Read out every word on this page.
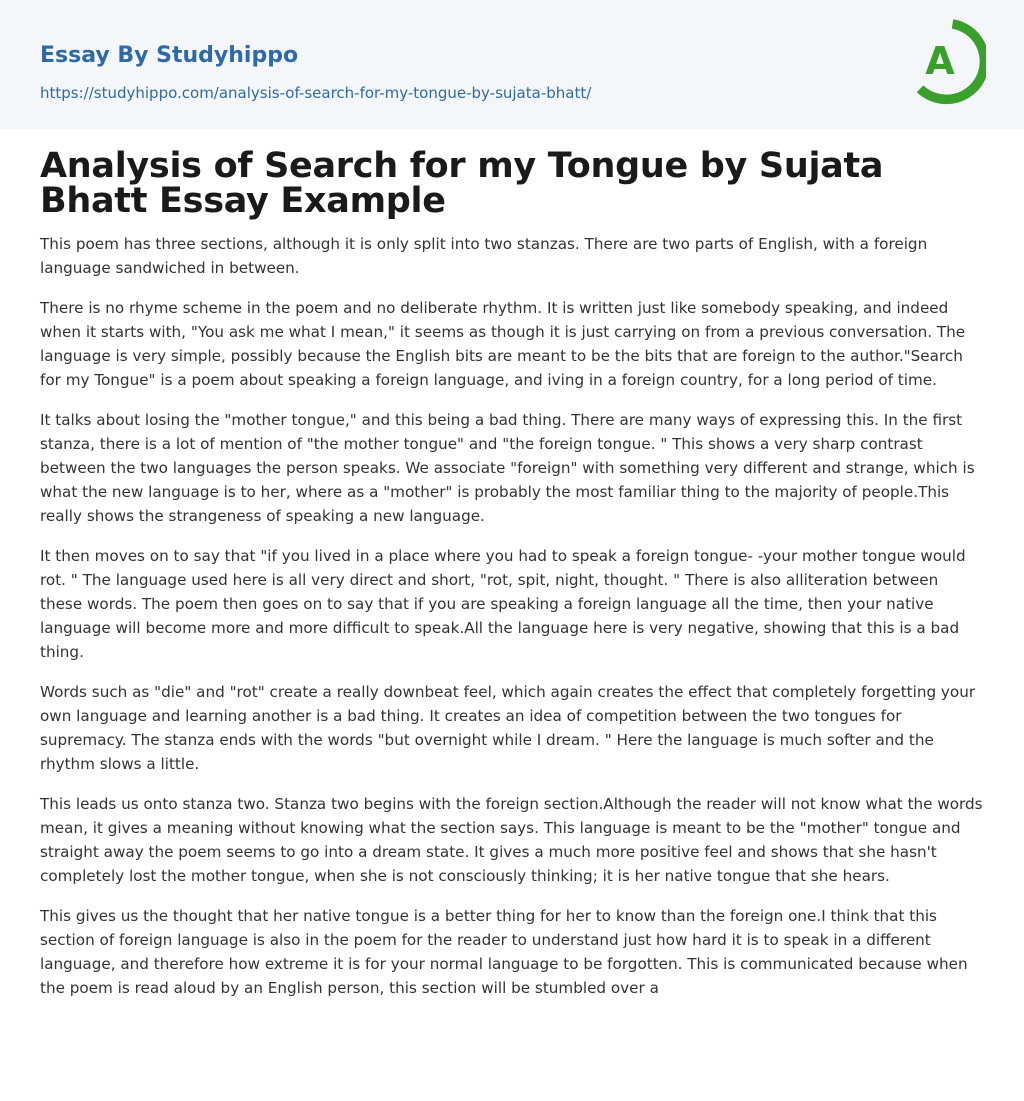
Essay By Studyhippo
https://studyhippo.com/analysis-of-search-for-my-tongue-by-sujata-bhatt/
A
Analysis of Search for my Tongue by Sujata Bhatt Essay Example

This poem has three sections, although it is only split into two stanzas. There are two parts of English, with a foreign language sandwiched in between.

There is no rhyme scheme in the poem and no deliberate rhythm. It is written just like somebody speaking, and indeed when it starts with, "You ask me what I mean," it seems as though it is just carrying on from a previous conversation. The language is very simple, possibly because the English bits are meant to be the bits that are foreign to the author."Search for my Tongue" is a poem about speaking a foreign language, and iving in a foreign country, for a long period of time.

It talks about losing the "mother tongue," and this being a bad thing. There are many ways of expressing this. In the first stanza, there is a lot of mention of "the mother tongue" and "the foreign tongue. " This shows a very sharp contrast between the two languages the person speaks. We associate "foreign" with something very different and strange, which is what the new language is to her, where as a "mother" is probably the most familiar thing to the majority of people.This really shows the strangeness of speaking a new language.

It then moves on to say that "if you lived in a place where you had to speak a foreign tongue- -your mother tongue would rot. " The language used here is all very direct and short, "rot, spit, night, thought. " There is also alliteration between these words. The poem then goes on to say that if you are speaking a foreign language all the time, then your native language will become more and more difficult to speak.All the language here is very negative, showing that this is a bad thing.

Words such as "die" and "rot" create a really downbeat feel, which again creates the effect that completely forgetting your own language and learning another is a bad thing. It creates an idea of competition between the two tongues for supremacy. The stanza ends with the words "but overnight while I dream. " Here the language is much softer and the rhythm slows a little.

This leads us onto stanza two. Stanza two begins with the foreign section.Although the reader will not know what the words mean, it gives a meaning without knowing what the section says. This language is meant to be the "mother" tongue and straight away the poem seems to go into a dream state. It gives a much more positive feel and shows that she hasn't completely lost the mother tongue, when she is not consciously thinking; it is her native tongue that she hears.

This gives us the thought that her native tongue is a better thing for her to know than the foreign one.I think that this section of foreign language is also in the poem for the reader to understand just how hard it is to speak in a different language, and therefore how extreme it is for your normal language to be forgotten. This is communicated because when the poem is read aloud by an English person, this section will be stumbled over a
